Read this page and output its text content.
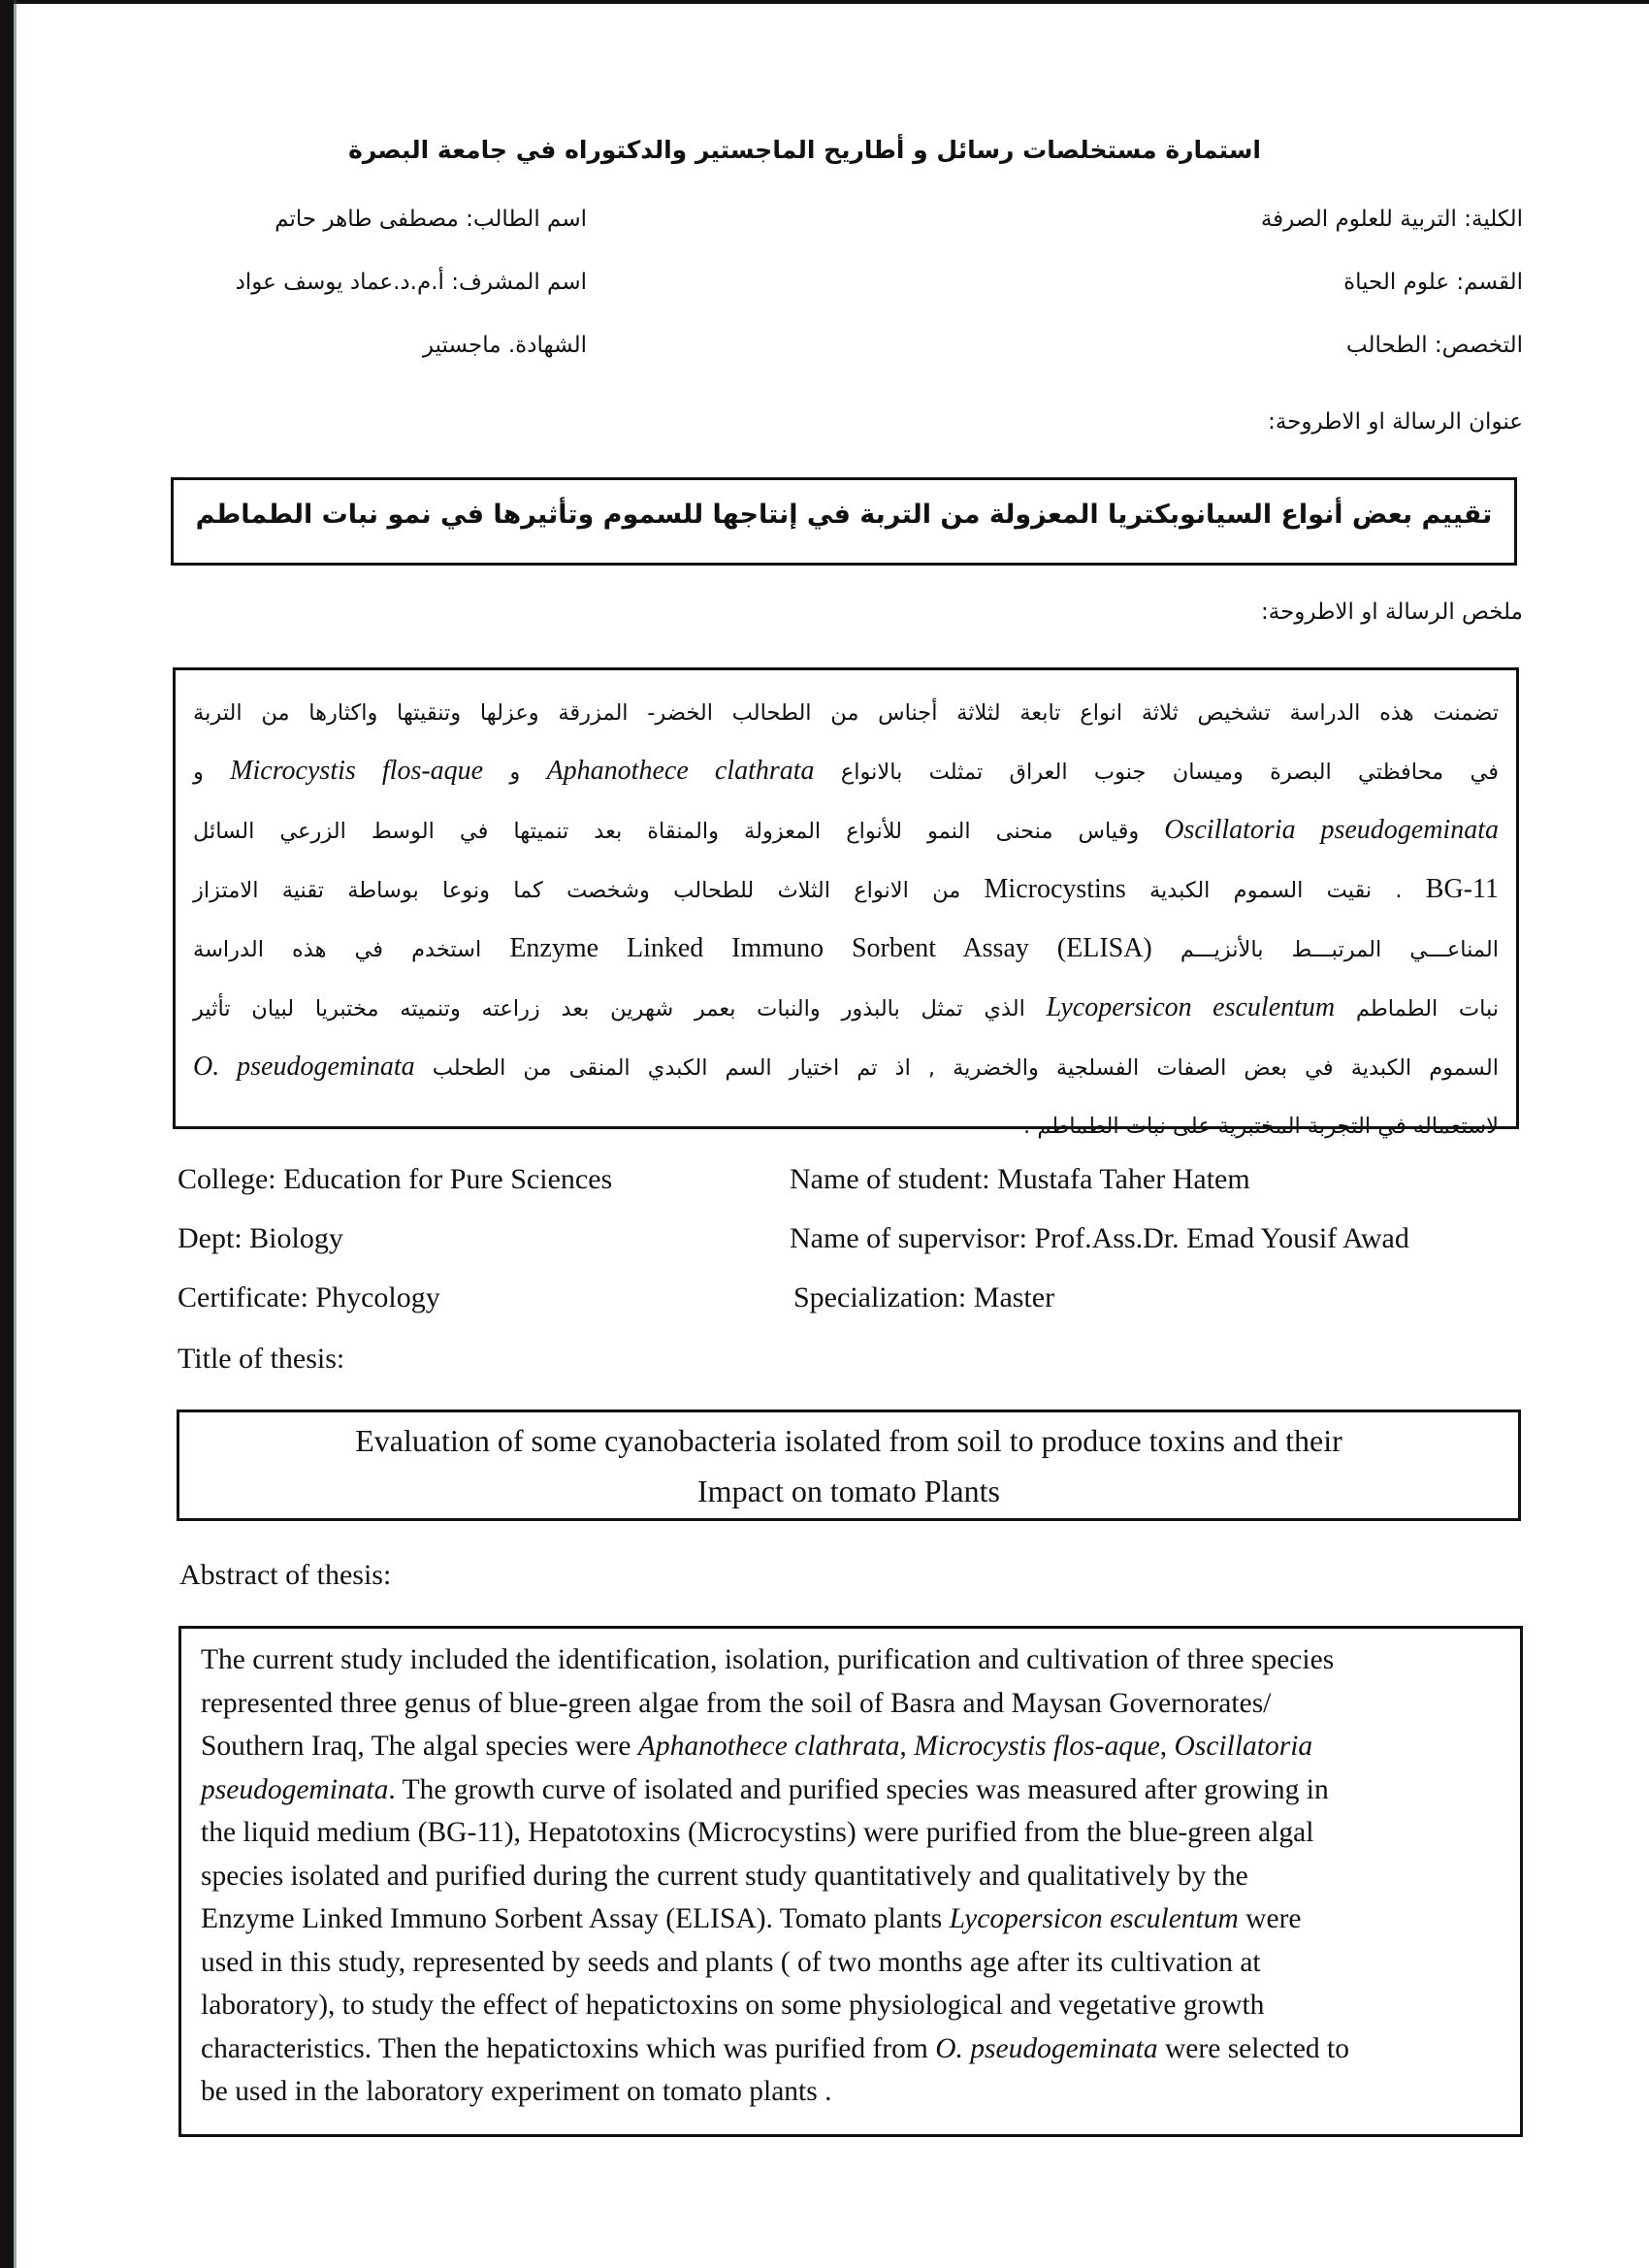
استمارة مستخلصات رسائل و أطاريح الماجستير والدكتوراه في جامعة البصرة
الكلية: التربية للعلوم الصرفة
القسم: علوم الحياة
التخصص: الطحالب
عنوان الرسالة او الاطروحة:
اسم الطالب: مصطفى طاهر حاتم
اسم المشرف: أ.م.د.عماد يوسف عواد
الشهادة. ماجستير
تقييم بعض أنواع السيانوبكتريا المعزولة من التربة في إنتاجها للسموم وتأثيرها في نمو نبات الطماطم
ملخص الرسالة او الاطروحة:

تضمنت هذه الدراسة تشخيص ثلاثة انواع تابعة لثلاثة أجناس من الطحالب الخضر- المزرقة وعزلها وتنقيتها واكثارها من التربة

في محافظتي البصرة وميسان جنوب العراق تمثلت بالانواع Aphanothece clathrata و Microcystis flos-aque و

Oscillatoria pseudogeminata وقياس منحنى النمو للأنواع المعزولة والمنقاة بعد تنميتها في الوسط الزرعي السائل

BG-11 . نقيت السموم الكبدية Microcystins من الانواع الثلاث للطحالب وشخصت كما ونوعا بوساطة تقنية الامتزاز

المناعـــي المرتبـــط بالأنزيـــم Enzyme Linked Immuno Sorbent Assay (ELISA) استخدم في هذه الدراسة

نبات الطماطم Lycopersicon esculentum الذي تمثل بالبذور والنبات بعمر شهرين بعد زراعته وتنميته مختبريا لبيان تأثير

السموم الكبدية في بعض الصفات الفسلجية والخضرية , اذ تم اختيار السم الكبدي المنقى من الطحلب O. pseudogeminata

لاستعماله في التجربة المختبرية على نبات الطماطم .

College: Education for Pure Sciences
Dept: Biology
Certificate: Phycology
Title of thesis:
Name of student: Mustafa Taher Hatem
Name of supervisor: Prof.Ass.Dr. Emad Yousif Awad
Specialization: Master
Evaluation of some cyanobacteria isolated from soil to produce toxins and their
Impact on tomato Plants
Abstract of thesis:

The current study included the identification, isolation, purification and cultivation of three species

represented three genus of blue-green algae from the soil of Basra and Maysan Governorates/

Southern Iraq, The algal species were Aphanothece clathrata, Microcystis flos-aque, Oscillatoria

pseudogeminata. The growth curve of isolated and purified species was measured after growing in

the liquid medium (BG-11), Hepatotoxins (Microcystins) were purified from the blue-green algal

species isolated and purified during the current study quantitatively and qualitatively by the

Enzyme Linked Immuno Sorbent Assay (ELISA). Tomato plants Lycopersicon esculentum were

used in this study, represented by seeds and plants ( of two months age after its cultivation at

laboratory), to study the effect of hepatictoxins on some physiological and vegetative growth

characteristics. Then the hepatictoxins which was purified from O. pseudogeminata were selected to

be used in the laboratory experiment on tomato plants .
